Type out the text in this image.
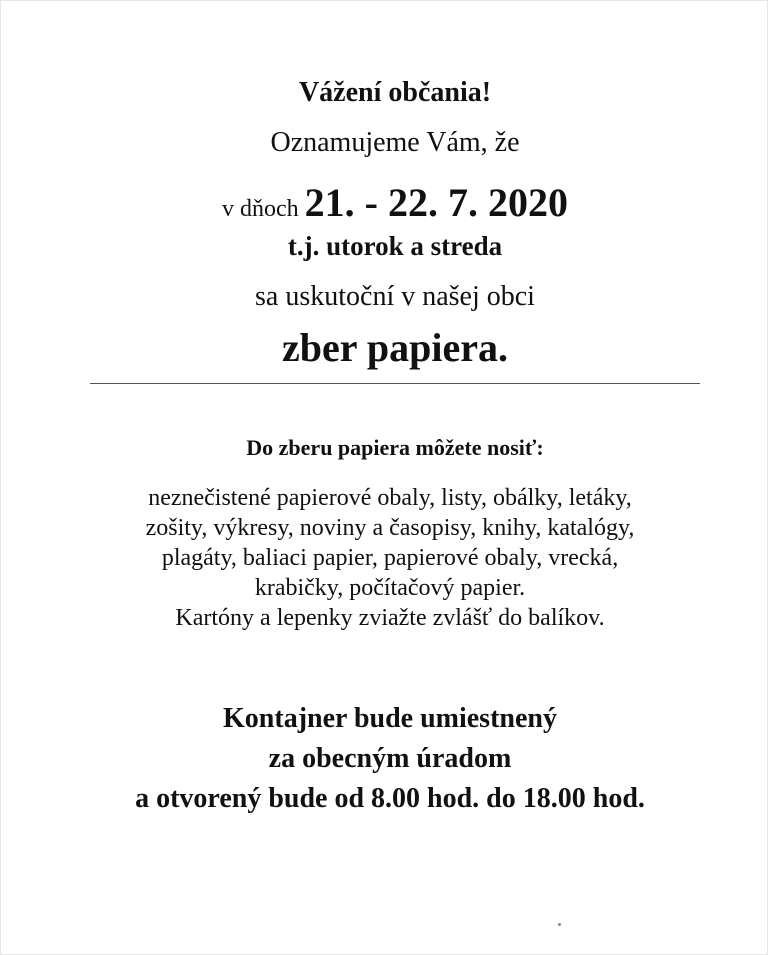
Vážení občania!
Oznamujeme Vám, že
v dňoch 21. - 22. 7. 2020
t.j. utorok a streda
sa uskutoční v našej obci
zber papiera.
Do zberu papiera môžete nosiť:
neznečistené papierové obaly, listy, obálky, letáky,
zošity, výkresy, noviny a časopisy, knihy, katalógy,
plagáty, baliaci papier, papierové obaly, vrecká,
krabičky, počítačový papier.
Kartóny a lepenky zviažte zvlášť do balíkov.
Kontajner bude umiestnený
za obecným úradom
a otvorený bude od 8.00 hod. do 18.00 hod.
